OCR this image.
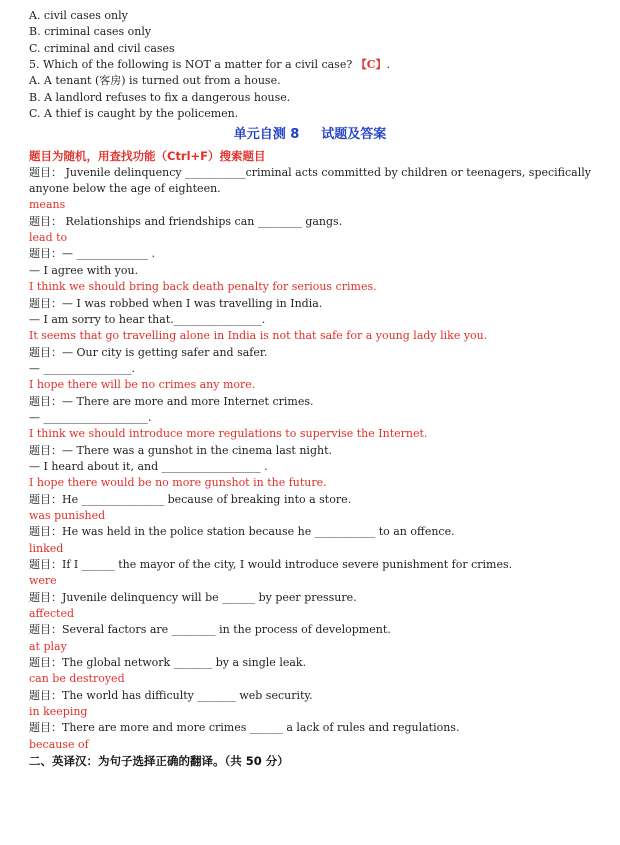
A. civil cases only
B. criminal cases only
C. criminal and civil cases
5. Which of the following is NOT a matter for a civil case? 【C】.
A. A tenant (客房) is turned out from a house.
B. A landlord refuses to fix a dangerous house.
C. A thief is caught by the policemen.
单元自测 8 试题及答案
题目为随机，用查找功能（Ctrl+F）搜索题目
题目： Juvenile delinquency ___________criminal acts committed by children or teenagers, specifically anyone below the age of eighteen.
means
题目： Relationships and friendships can ________ gangs.
lead to
题目：— _____________ .
— I agree with you.
I think we should bring back death penalty for serious crimes.
题目：— I was robbed when I was travelling in India.
— I am sorry to hear that.________________.
It seems that go travelling alone in India is not that safe for a young lady like you.
题目：— Our city is getting safer and safer.
— ________________.
I hope there will be no crimes any more.
题目：— There are more and more Internet crimes.
— ___________________.
I think we should introduce more regulations to supervise the Internet.
题目：— There was a gunshot in the cinema last night.
— I heard about it, and __________________ .
I hope there would be no more gunshot in the future.
题目：He _______________ because of breaking into a store.
was punished
题目：He was held in the police station because he ___________ to an offence.
linked
题目：If I ______ the mayor of the city, I would introduce severe punishment for crimes.
were
题目：Juvenile delinquency will be ______ by peer pressure.
affected
题目：Several factors are ________ in the process of development.
at play
题目：The global network _______ by a single leak.
can be destroyed
题目：The world has difficulty _______ web security.
in keeping
题目：There are more and more crimes ______ a lack of rules and regulations.
because of
二、英译汉：为句子选择正确的翻译。（共 50 分）
